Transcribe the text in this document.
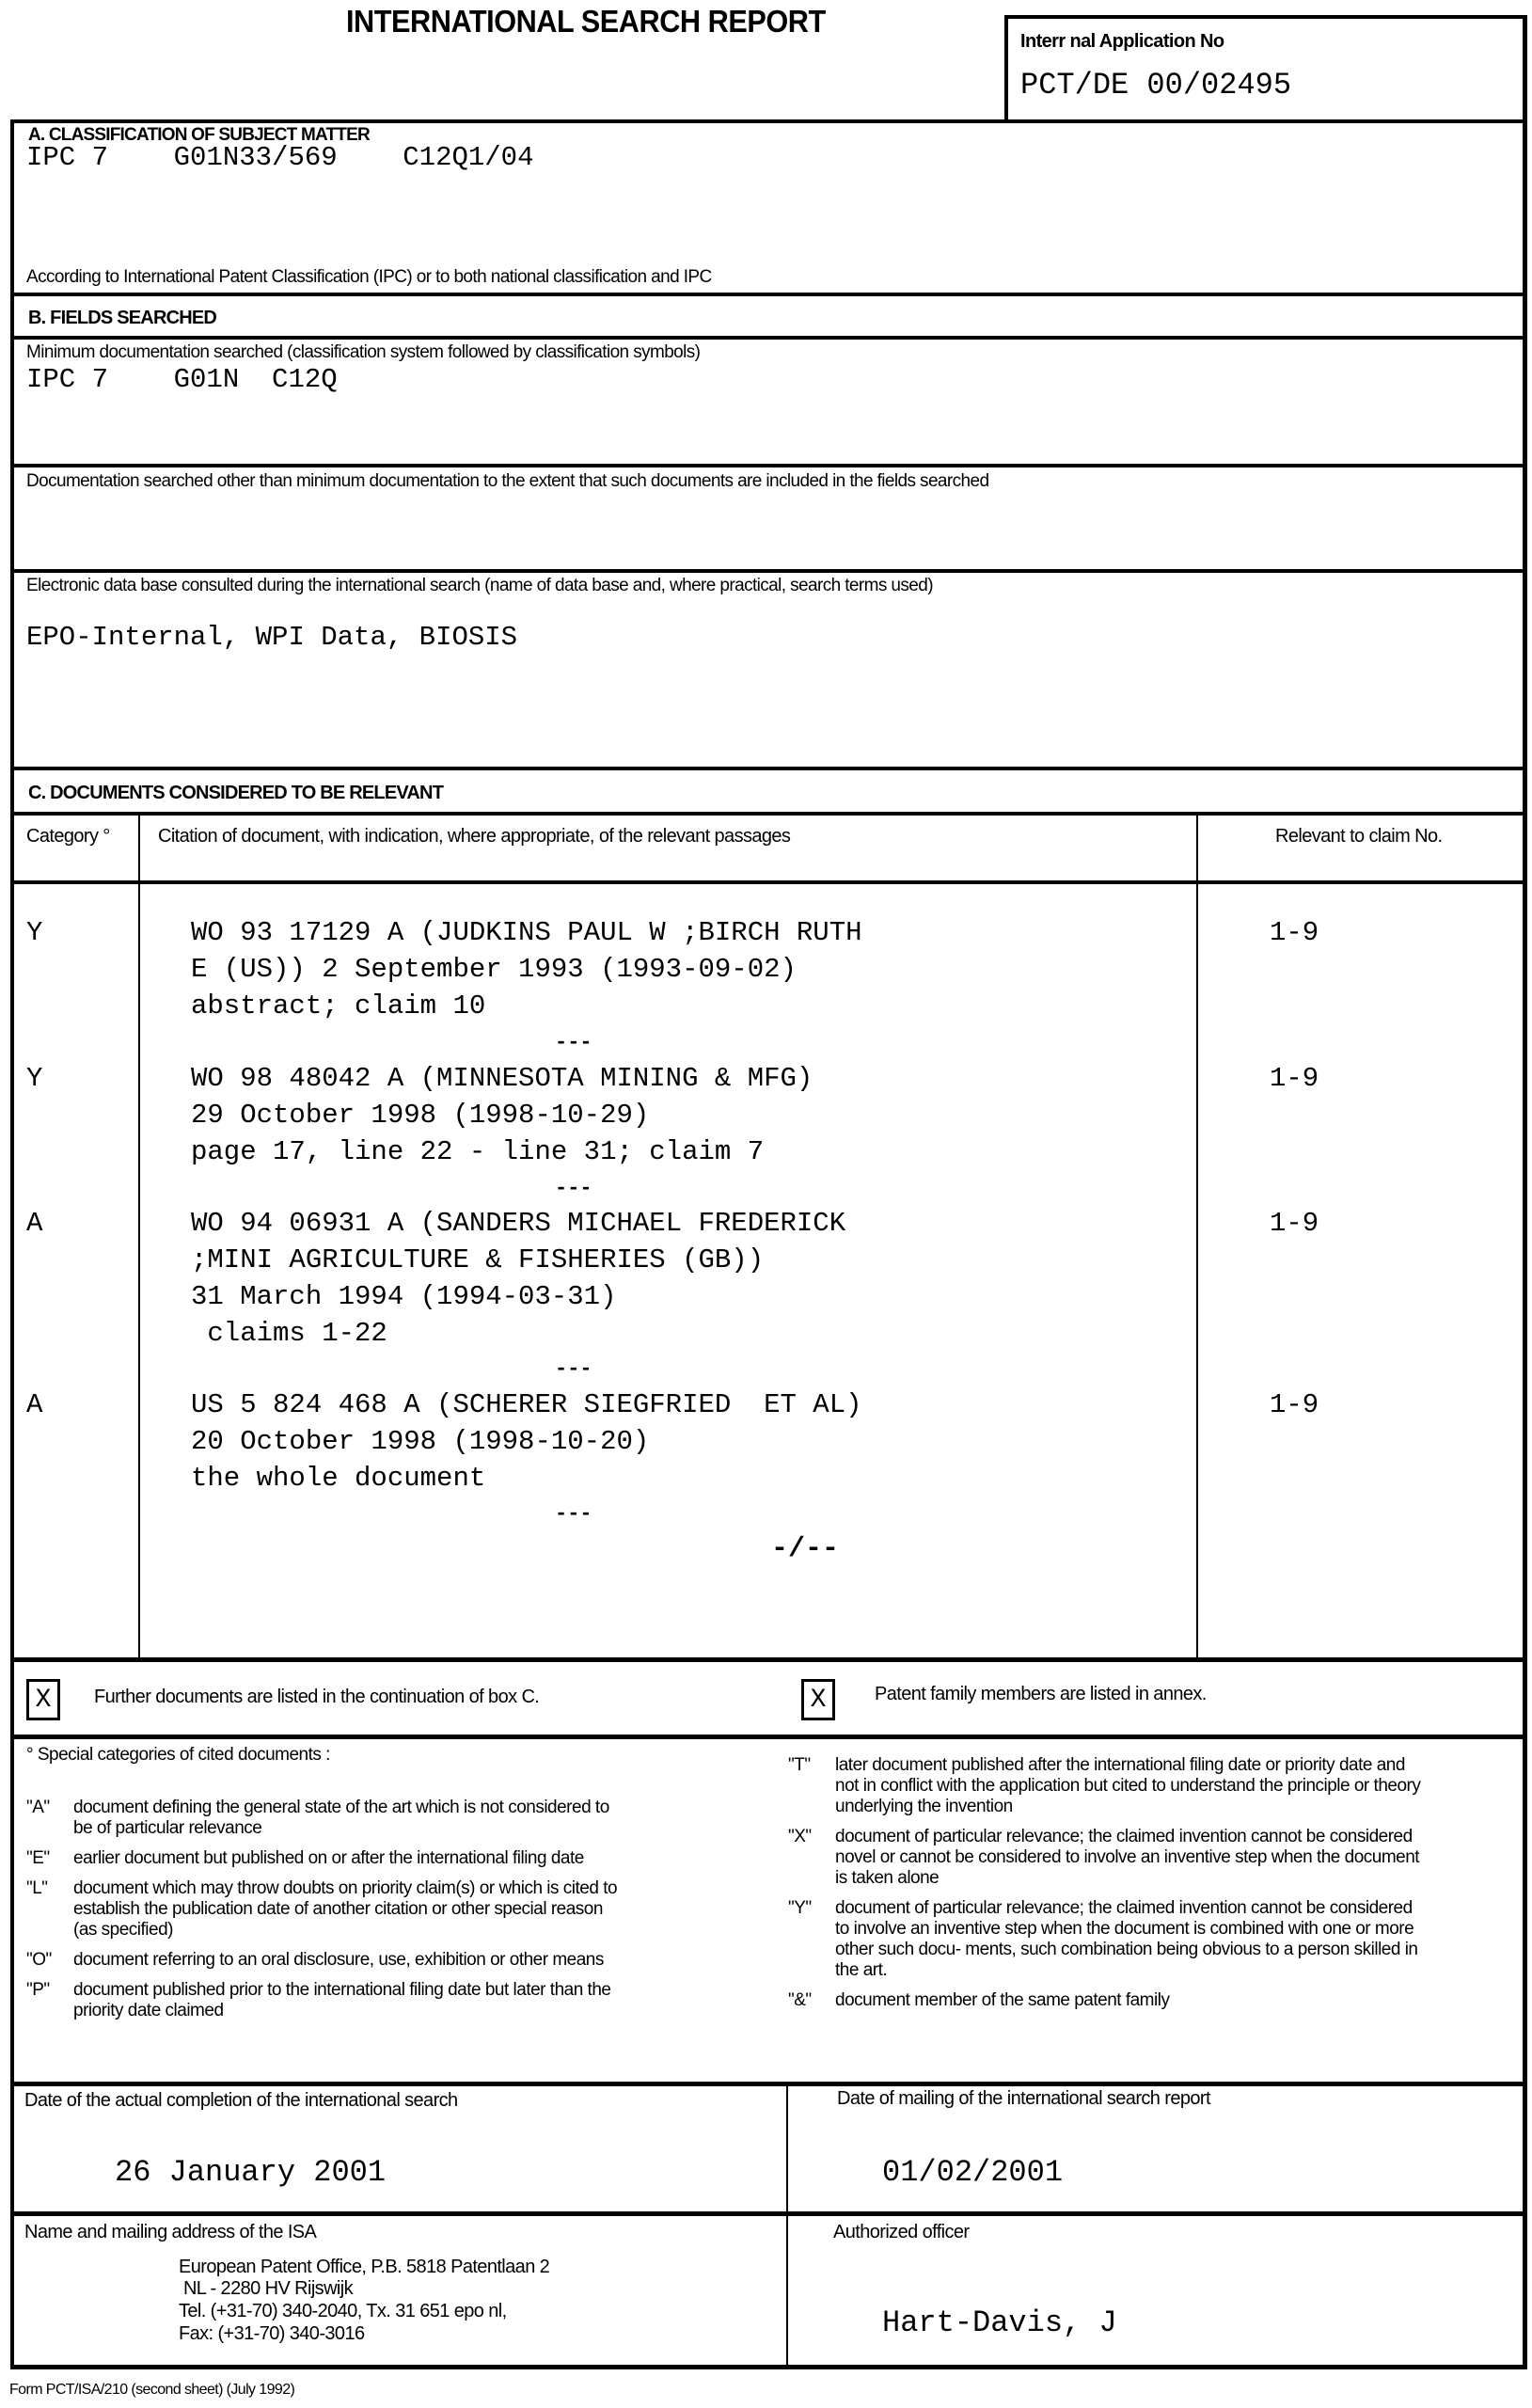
INTERNATIONAL SEARCH REPORT
Interr nal Application No
PCT/DE 00/02495
A. CLASSIFICATION OF SUBJECT MATTER
IPC 7    G01N33/569    C12Q1/04
According to International Patent Classification (IPC) or to both national classification and IPC
B. FIELDS SEARCHED
Minimum documentation searched (classification system followed by classification symbols)
IPC 7    G01N  C12Q
Documentation searched other than minimum documentation to the extent that such documents are included in the fields searched
Electronic data base consulted during the international search (name of data base and, where practical, search terms used)
EPO-Internal, WPI Data, BIOSIS
C. DOCUMENTS CONSIDERED TO BE RELEVANT
Category °	Citation of document, with indication, where appropriate, of the relevant passages	Relevant to claim No.
Y	WO 93 17129 A (JUDKINS PAUL W ;BIRCH RUTH
E (US)) 2 September 1993 (1993-09-02)
abstract; claim 10
1-9
---
Y	WO 98 48042 A (MINNESOTA MINING & MFG)
29 October 1998 (1998-10-29)
page 17, line 22 - line 31; claim 7
1-9
---
A	WO 94 06931 A (SANDERS MICHAEL FREDERICK
;MINI AGRICULTURE & FISHERIES (GB))
31 March 1994 (1994-03-31)
claims 1-22
1-9
---
A	US 5 824 468 A (SCHERER SIEGFRIED  ET AL)
20 October 1998 (1998-10-20)
the whole document
1-9
---
-/--
X	Further documents are listed in the continuation of box C.	X	Patent family members are listed in annex.
° Special categories of cited documents :
"A" document defining the general state of the art which is not considered to be of particular relevance
"E" earlier document but published on or after the international filing date
"L" document which may throw doubts on priority claim(s) or which is cited to establish the publication date of another citation or other special reason (as specified)
"O" document referring to an oral disclosure, use, exhibition or other means
"P" document published prior to the international filing date but later than the priority date claimed
"T" later document published after the international filing date or priority date and not in conflict with the application but cited to understand the principle or theory underlying the invention
"X" document of particular relevance; the claimed invention cannot be considered novel or cannot be considered to involve an inventive step when the document is taken alone
"Y" document of particular relevance; the claimed invention cannot be considered to involve an inventive step when the document is combined with one or more other such docu- ments, such combination being obvious to a person skilled in the art.
"&" document member of the same patent family
Date of the actual completion of the international search
26 January 2001
Date of mailing of the international search report
01/02/2001
Name and mailing address of the ISA
European Patent Office, P.B. 5818 Patentlaan 2
NL - 2280 HV Rijswijk
Tel. (+31-70) 340-2040, Tx. 31 651 epo nl,
Fax: (+31-70) 340-3016
Authorized officer
Hart-Davis, J
Form PCT/ISA/210 (second sheet) (July 1992)
